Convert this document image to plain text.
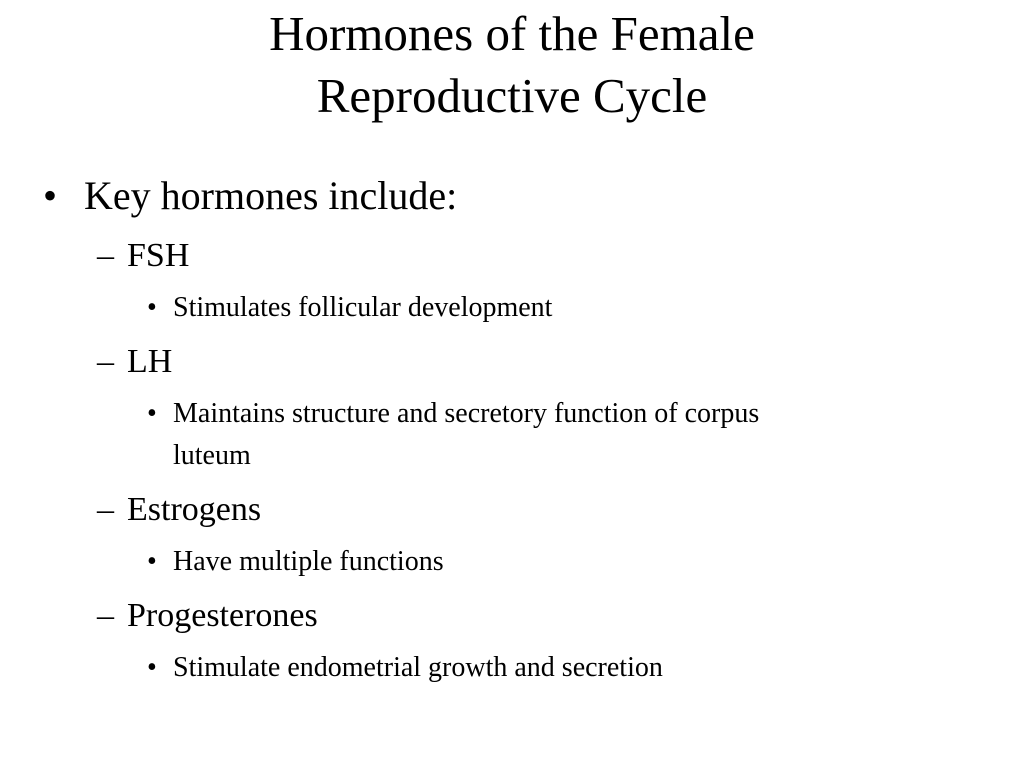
Hormones of the Female
Reproductive Cycle
• Key hormones include:
– FSH
• Stimulates follicular development
– LH
• Maintains structure and secretory function of corpus
luteum
– Estrogens
• Have multiple functions
– Progesterones
• Stimulate endometrial growth and secretion
